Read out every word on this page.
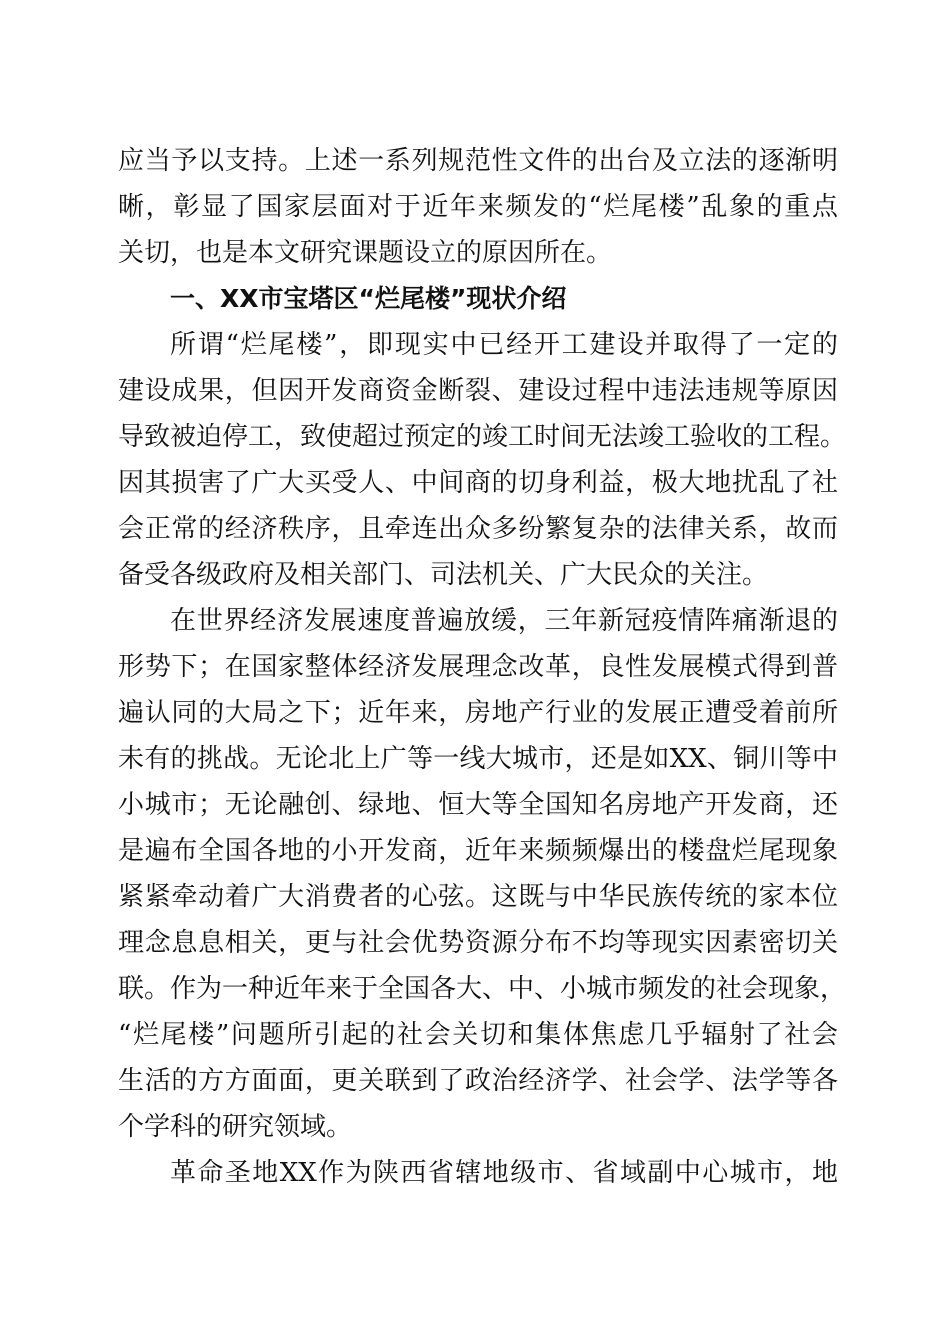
应当予以支持。上述一系列规范性文件的出台及立法的逐渐明
晰，彰显了国家层面对于近年来频发的“烂尾楼”乱象的重点
关切，也是本文研究课题设立的原因所在。
一、XX市宝塔区“烂尾楼”现状介绍
所谓“烂尾楼”，即现实中已经开工建设并取得了一定的
建设成果，但因开发商资金断裂、建设过程中违法违规等原因
导致被迫停工，致使超过预定的竣工时间无法竣工验收的工程。
因其损害了广大买受人、中间商的切身利益，极大地扰乱了社
会正常的经济秩序，且牵连出众多纷繁复杂的法律关系，故而
备受各级政府及相关部门、司法机关、广大民众的关注。
在世界经济发展速度普遍放缓，三年新冠疫情阵痛渐退的
形势下；在国家整体经济发展理念改革，良性发展模式得到普
遍认同的大局之下；近年来，房地产行业的发展正遭受着前所
未有的挑战。无论北上广等一线大城市，还是如XX、铜川等中
小城市；无论融创、绿地、恒大等全国知名房地产开发商，还
是遍布全国各地的小开发商，近年来频频爆出的楼盘烂尾现象
紧紧牵动着广大消费者的心弦。这既与中华民族传统的家本位
理念息息相关，更与社会优势资源分布不均等现实因素密切关
联。作为一种近年来于全国各大、中、小城市频发的社会现象，
“烂尾楼”问题所引起的社会关切和集体焦虑几乎辐射了社会
生活的方方面面，更关联到了政治经济学、社会学、法学等各
个学科的研究领域。
革命圣地XX作为陕西省辖地级市、省域副中心城市，地
